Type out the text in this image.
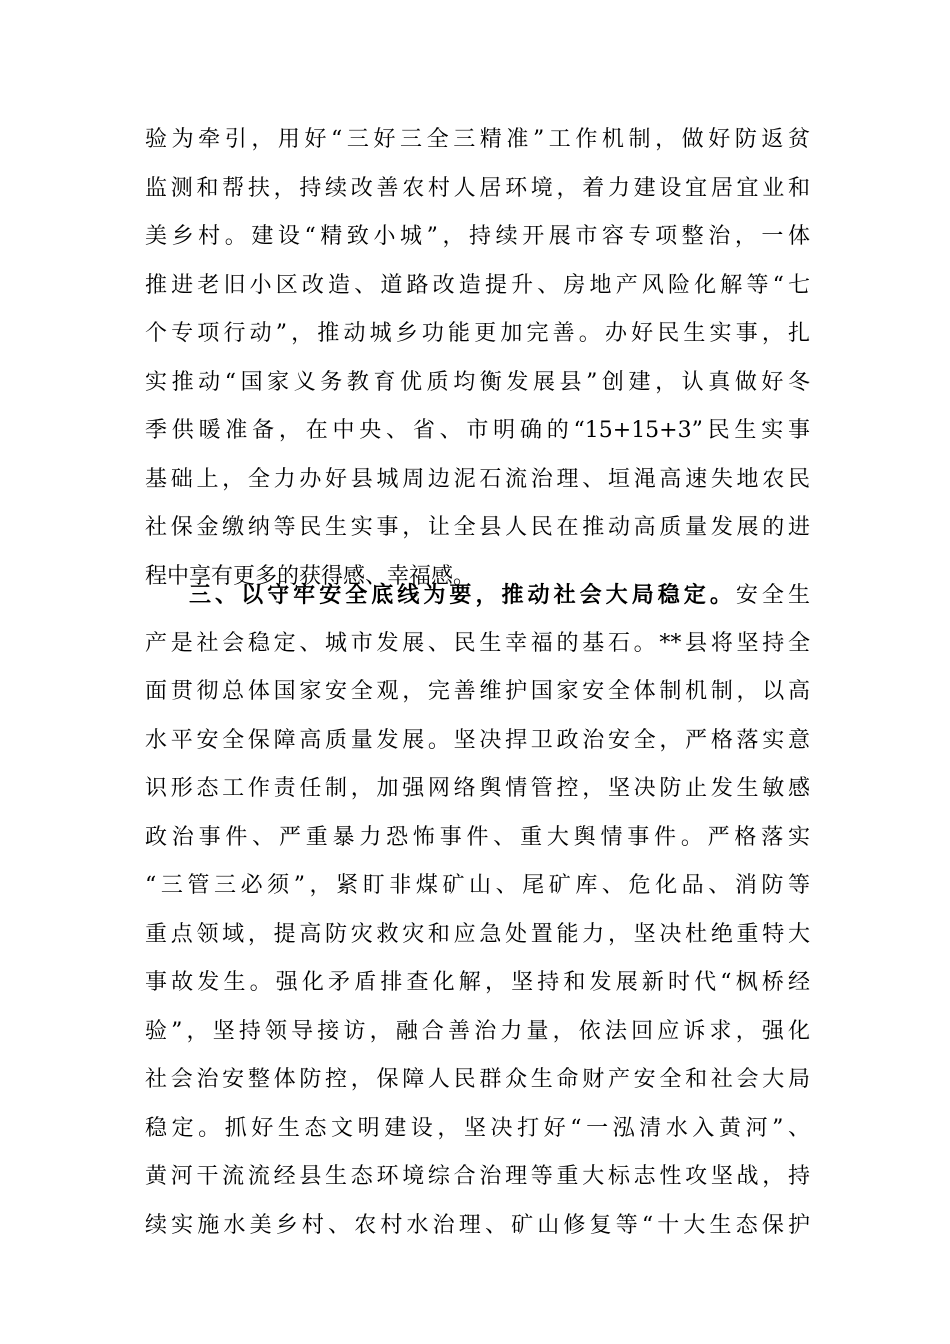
验为牵引，用好“三好三全三精准”工作机制，做好防返贫
监测和帮扶，持续改善农村人居环境，着力建设宜居宜业和
美乡村。建设“精致小城”，持续开展市容专项整治，一体
推进老旧小区改造、道路改造提升、房地产风险化解等“七
个专项行动”，推动城乡功能更加完善。办好民生实事，扎
实推动“国家义务教育优质均衡发展县”创建，认真做好冬
季供暖准备，在中央、省、市明确的“15+15+3”民生实事
基础上，全力办好县城周边泥石流治理、垣渑高速失地农民
社保金缴纳等民生实事，让全县人民在推动高质量发展的进
程中享有更多的获得感、幸福感。
三、以守牢安全底线为要，推动社会大局稳定。安全生
产是社会稳定、城市发展、民生幸福的基石。**县将坚持全
面贯彻总体国家安全观，完善维护国家安全体制机制，以高
水平安全保障高质量发展。坚决捍卫政治安全，严格落实意
识形态工作责任制，加强网络舆情管控，坚决防止发生敏感
政治事件、严重暴力恐怖事件、重大舆情事件。严格落实
“三管三必须”，紧盯非煤矿山、尾矿库、危化品、消防等
重点领域，提高防灾救灾和应急处置能力，坚决杜绝重特大
事故发生。强化矛盾排查化解，坚持和发展新时代“枫桥经
验”，坚持领导接访，融合善治力量，依法回应诉求，强化
社会治安整体防控，保障人民群众生命财产安全和社会大局
稳定。抓好生态文明建设，坚决打好“一泓清水入黄河”、
黄河干流流经县生态环境综合治理等重大标志性攻坚战，持
续实施水美乡村、农村水治理、矿山修复等“十大生态保护
